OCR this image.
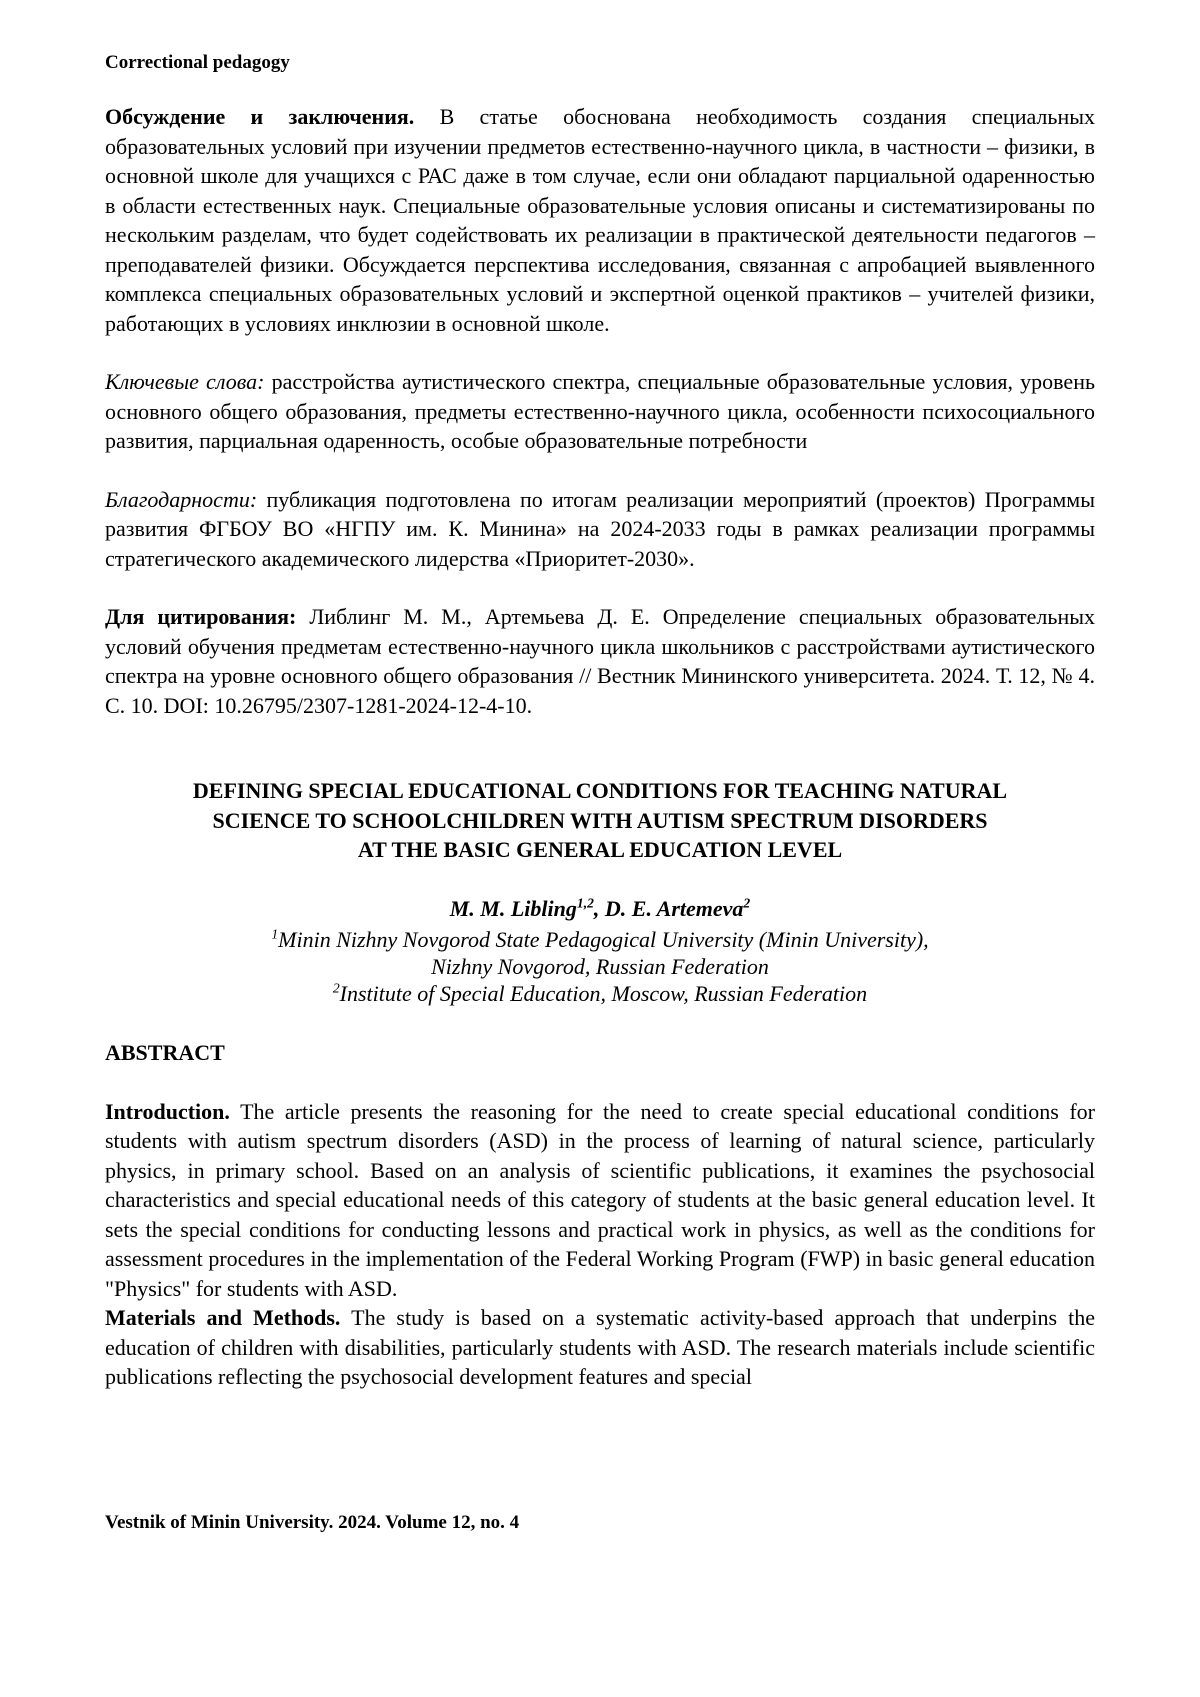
Correctional pedagogy

Обсуждение и заключения. В статье обоснована необходимость создания специальных образовательных условий при изучении предметов естественно-научного цикла, в частности – физики, в основной школе для учащихся с РАС даже в том случае, если они обладают парциальной одаренностью в области естественных наук. Специальные образовательные условия описаны и систематизированы по нескольким разделам, что будет содействовать их реализации в практической деятельности педагогов – преподавателей физики. Обсуждается перспектива исследования, связанная с апробацией выявленного комплекса специальных образовательных условий и экспертной оценкой практиков – учителей физики, работающих в условиях инклюзии в основной школе.

Ключевые слова: расстройства аутистического спектра, специальные образовательные условия, уровень основного общего образования, предметы естественно-научного цикла, особенности психосоциального развития, парциальная одаренность, особые образовательные потребности

Благодарности: публикация подготовлена по итогам реализации мероприятий (проектов) Программы развития ФГБОУ ВО «НГПУ им. К. Минина» на 2024-2033 годы в рамках реализации программы стратегического академического лидерства «Приоритет-2030».

Для цитирования: Либлинг М. М., Артемьева Д. Е. Определение специальных образовательных условий обучения предметам естественно-научного цикла школьников с расстройствами аутистического спектра на уровне основного общего образования // Вестник Мининского университета. 2024. Т. 12, № 4. С. 10. DOI: 10.26795/2307-1281-2024-12-4-10.

DEFINING SPECIAL EDUCATIONAL CONDITIONS FOR TEACHING NATURAL
SCIENCE TO SCHOOLCHILDREN WITH AUTISM SPECTRUM DISORDERS
AT THE BASIC GENERAL EDUCATION LEVEL
M. M. Libling$^{1,2}$, D. E. Artemeva$^2$
$^1$Minin Nizhny Novgorod State Pedagogical University (Minin University),
Nizhny Novgorod, Russian Federation
$^2$Institute of Special Education, Moscow, Russian Federation
ABSTRACT

Introduction. The article presents the reasoning for the need to create special educational conditions for students with autism spectrum disorders (ASD) in the process of learning of natural science, particularly physics, in primary school. Based on an analysis of scientific publications, it examines the psychosocial characteristics and special educational needs of this category of students at the basic general education level. It sets the special conditions for conducting lessons and practical work in physics, as well as the conditions for assessment procedures in the implementation of the Federal Working Program (FWP) in basic general education "Physics" for students with ASD.

Materials and Methods. The study is based on a systematic activity-based approach that underpins the education of children with disabilities, particularly students with ASD. The research materials include scientific publications reflecting the psychosocial development features and special

Vestnik of Minin University. 2024. Volume 12, no. 4
